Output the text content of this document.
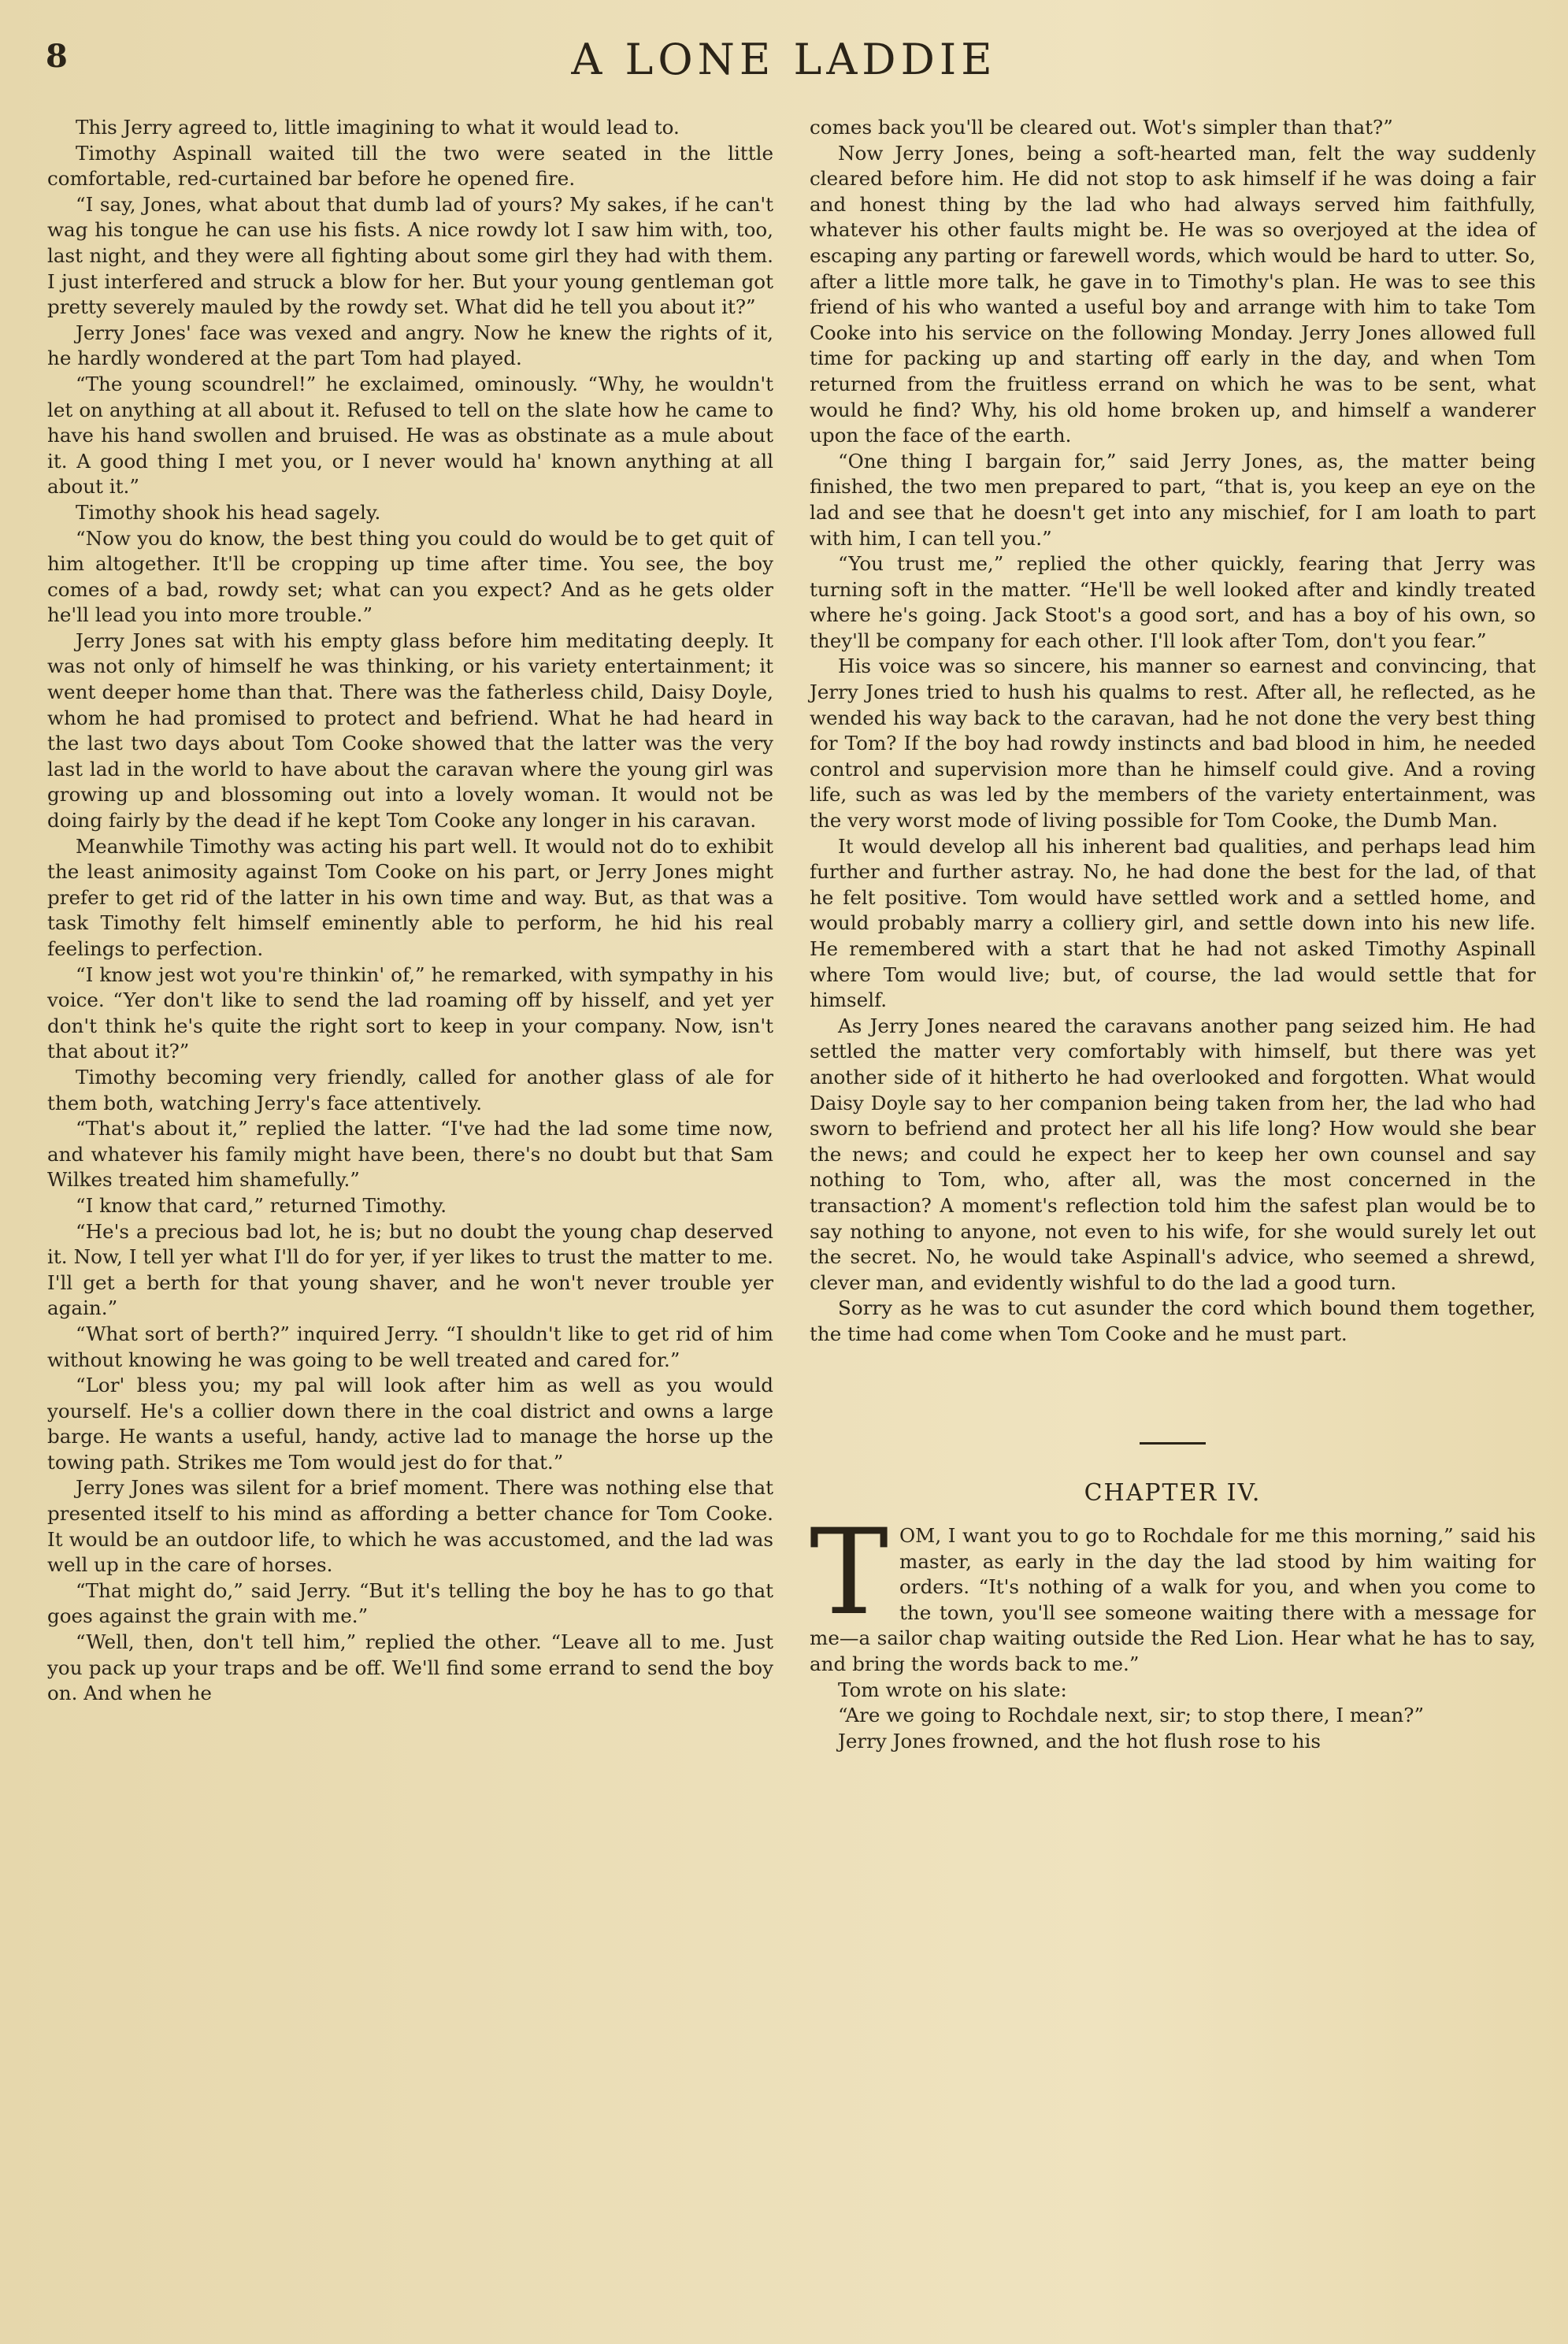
8	A LONE LADDIE

This Jerry agreed to, little imagining to what it would lead to.

Timothy Aspinall waited till the two were seated in the little comfortable, red-curtained bar before he opened fire.

“I say, Jones, what about that dumb lad of yours? My sakes, if he can't wag his tongue he can use his fists. A nice rowdy lot I saw him with, too, last night, and they were all fighting about some girl they had with them. I just interfered and struck a blow for her. But your young gentleman got pretty severely mauled by the rowdy set. What did he tell you about it?”

Jerry Jones' face was vexed and angry. Now he knew the rights of it, he hardly wondered at the part Tom had played.

“The young scoundrel!” he exclaimed, ominously. “Why, he wouldn't let on anything at all about it. Refused to tell on the slate how he came to have his hand swollen and bruised. He was as obstinate as a mule about it. A good thing I met you, or I never would ha' known anything at all about it.”

Timothy shook his head sagely.

“Now you do know, the best thing you could do would be to get quit of him altogether. It'll be cropping up time after time. You see, the boy comes of a bad, rowdy set; what can you expect? And as he gets older he'll lead you into more trouble.”

Jerry Jones sat with his empty glass before him meditating deeply. It was not only of himself he was thinking, or his variety entertainment; it went deeper home than that. There was the fatherless child, Daisy Doyle, whom he had promised to protect and befriend. What he had heard in the last two days about Tom Cooke showed that the latter was the very last lad in the world to have about the caravan where the young girl was growing up and blossoming out into a lovely woman. It would not be doing fairly by the dead if he kept Tom Cooke any longer in his caravan.

Meanwhile Timothy was acting his part well. It would not do to exhibit the least animosity against Tom Cooke on his part, or Jerry Jones might prefer to get rid of the latter in his own time and way. But, as that was a task Timothy felt himself eminently able to perform, he hid his real feelings to perfection.

“I know jest wot you're thinkin' of,” he remarked, with sympathy in his voice. “Yer don't like to send the lad roaming off by hisself, and yet yer don't think he's quite the right sort to keep in your company. Now, isn't that about it?”

Timothy becoming very friendly, called for another glass of ale for them both, watching Jerry's face attentively.

“That's about it,” replied the latter. “I've had the lad some time now, and whatever his family might have been, there's no doubt but that Sam Wilkes treated him shamefully.”

“I know that card,” returned Timothy.

“He's a precious bad lot, he is; but no doubt the young chap deserved it. Now, I tell yer what I'll do for yer, if yer likes to trust the matter to me. I'll get a berth for that young shaver, and he won't never trouble yer again.”

“What sort of berth?” inquired Jerry. “I shouldn't like to get rid of him without knowing he was going to be well treated and cared for.”

“Lor' bless you; my pal will look after him as well as you would yourself. He's a collier down there in the coal district and owns a large barge. He wants a useful, handy, active lad to manage the horse up the towing path. Strikes me Tom would jest do for that.”

Jerry Jones was silent for a brief moment. There was nothing else that presented itself to his mind as affording a better chance for Tom Cooke. It would be an outdoor life, to which he was accustomed, and the lad was well up in the care of horses.

“That might do,” said Jerry. “But it's telling the boy he has to go that goes against the grain with me.”

“Well, then, don't tell him,” replied the other. “Leave all to me. Just you pack up your traps and be off. We'll find some errand to send the boy on. And when he

comes back you'll be cleared out. Wot's simpler than that?”

Now Jerry Jones, being a soft-hearted man, felt the way suddenly cleared before him. He did not stop to ask himself if he was doing a fair and honest thing by the lad who had always served him faithfully, whatever his other faults might be. He was so overjoyed at the idea of escaping any parting or farewell words, which would be hard to utter. So, after a little more talk, he gave in to Timothy's plan. He was to see this friend of his who wanted a useful boy and arrange with him to take Tom Cooke into his service on the following Monday. Jerry Jones allowed full time for packing up and starting off early in the day, and when Tom returned from the fruitless errand on which he was to be sent, what would he find? Why, his old home broken up, and himself a wanderer upon the face of the earth.

“One thing I bargain for,” said Jerry Jones, as, the matter being finished, the two men prepared to part, “that is, you keep an eye on the lad and see that he doesn't get into any mischief, for I am loath to part with him, I can tell you.”

“You trust me,” replied the other quickly, fearing that Jerry was turning soft in the matter. “He'll be well looked after and kindly treated where he's going. Jack Stoot's a good sort, and has a boy of his own, so they'll be company for each other. I'll look after Tom, don't you fear.”

His voice was so sincere, his manner so earnest and convincing, that Jerry Jones tried to hush his qualms to rest. After all, he reflected, as he wended his way back to the caravan, had he not done the very best thing for Tom? If the boy had rowdy instincts and bad blood in him, he needed control and supervision more than he himself could give. And a roving life, such as was led by the members of the variety entertainment, was the very worst mode of living possible for Tom Cooke, the Dumb Man.

It would develop all his inherent bad qualities, and perhaps lead him further and further astray. No, he had done the best for the lad, of that he felt positive. Tom would have settled work and a settled home, and would probably marry a colliery girl, and settle down into his new life. He remembered with a start that he had not asked Timothy Aspinall where Tom would live; but, of course, the lad would settle that for himself.

As Jerry Jones neared the caravans another pang seized him. He had settled the matter very comfortably with himself, but there was yet another side of it hitherto he had overlooked and forgotten. What would Daisy Doyle say to her companion being taken from her, the lad who had sworn to befriend and protect her all his life long? How would she bear the news; and could he expect her to keep her own counsel and say nothing to Tom, who, after all, was the most concerned in the transaction? A moment's reflection told him the safest plan would be to say nothing to anyone, not even to his wife, for she would surely let out the secret. No, he would take Aspinall's advice, who seemed a shrewd, clever man, and evidently wishful to do the lad a good turn.

Sorry as he was to cut asunder the cord which bound them together, the time had come when Tom Cooke and he must part.

CHAPTER IV.
T OM, I want you to go to Rochdale for me this morning,” said his master, as early in the day the lad stood by him waiting for orders. “It's nothing of a walk for you, and when you come to the town, you'll see someone waiting there with a message for me—a sailor chap waiting outside the Red Lion. Hear what he has to say, and bring the words back to me.”

Tom wrote on his slate:

“Are we going to Rochdale next, sir; to stop there, I mean?”

Jerry Jones frowned, and the hot flush rose to his
